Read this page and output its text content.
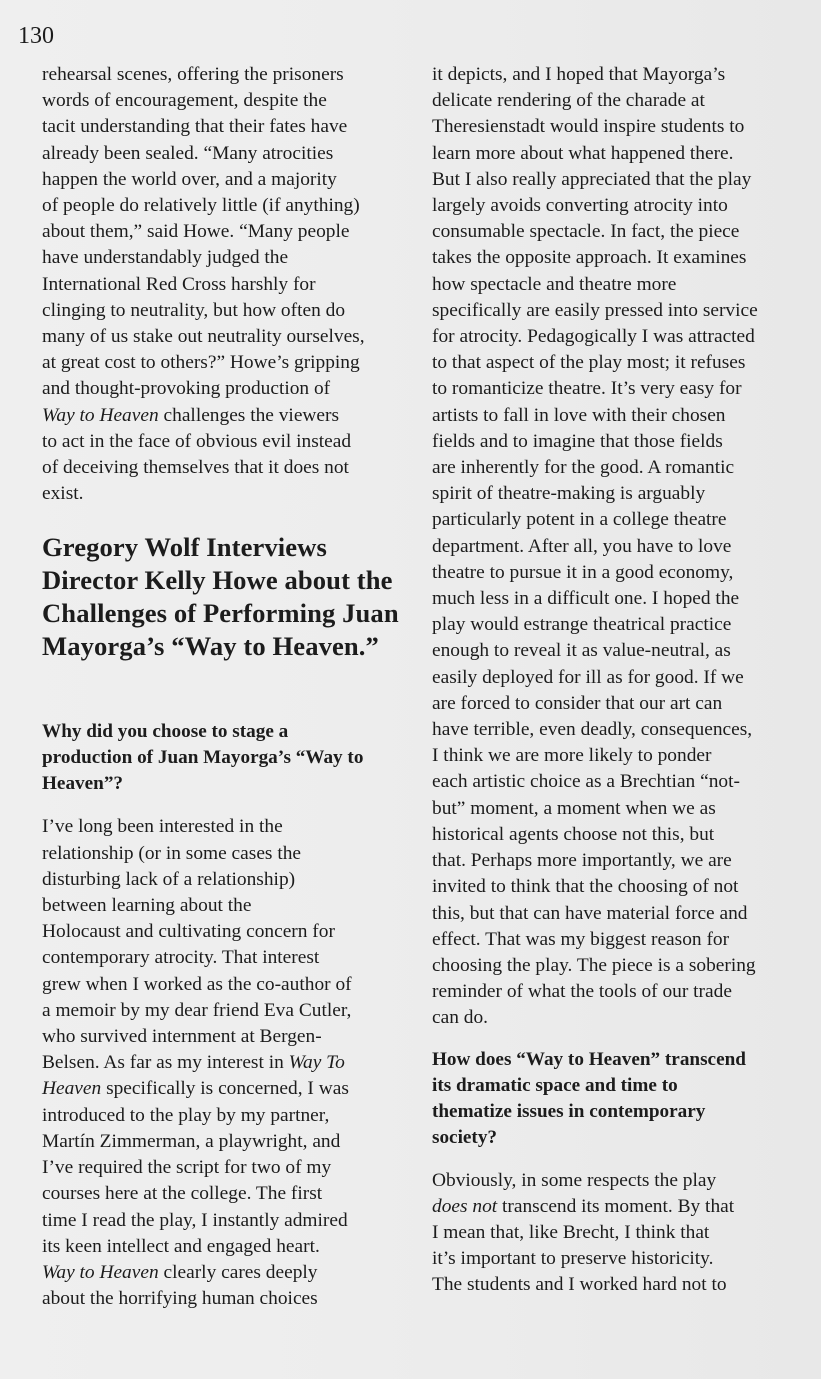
130

rehearsal scenes, offering the prisoners
words of encouragement, despite the
tacit understanding that their fates have
already been sealed. “Many atrocities
happen the world over, and a majority
of people do relatively little (if anything)
about them,” said Howe. “Many people
have understandably judged the
International Red Cross harshly for
clinging to neutrality, but how often do
many of us stake out neutrality ourselves,
at great cost to others?” Howe’s gripping
and thought-provoking production of
Way to Heaven challenges the viewers
to act in the face of obvious evil instead
of deceiving themselves that it does not
exist.

Gregory Wolf Interviews
Director Kelly Howe about the
Challenges of Performing Juan
Mayorga’s “Way to Heaven.”

Why did you choose to stage a
production of Juan Mayorga’s “Way to
Heaven”?

I’ve long been interested in the
relationship (or in some cases the
disturbing lack of a relationship)
between learning about the
Holocaust and cultivating concern for
contemporary atrocity. That interest
grew when I worked as the co-author of
a memoir by my dear friend Eva Cutler,
who survived internment at Bergen-
Belsen. As far as my interest in Way To
Heaven specifically is concerned, I was
introduced to the play by my partner,
Martín Zimmerman, a playwright, and
I’ve required the script for two of my
courses here at the college. The first
time I read the play, I instantly admired
its keen intellect and engaged heart.
Way to Heaven clearly cares deeply
about the horrifying human choices

it depicts, and I hoped that Mayorga’s
delicate rendering of the charade at
Theresienstadt would inspire students to
learn more about what happened there.
But I also really appreciated that the play
largely avoids converting atrocity into
consumable spectacle. In fact, the piece
takes the opposite approach. It examines
how spectacle and theatre more
specifically are easily pressed into service
for atrocity. Pedagogically I was attracted
to that aspect of the play most; it refuses
to romanticize theatre. It’s very easy for
artists to fall in love with their chosen
fields and to imagine that those fields
are inherently for the good. A romantic
spirit of theatre-making is arguably
particularly potent in a college theatre
department. After all, you have to love
theatre to pursue it in a good economy,
much less in a difficult one. I hoped the
play would estrange theatrical practice
enough to reveal it as value-neutral, as
easily deployed for ill as for good. If we
are forced to consider that our art can
have terrible, even deadly, consequences,
I think we are more likely to ponder
each artistic choice as a Brechtian “not-
but” moment, a moment when we as
historical agents choose not this, but
that. Perhaps more importantly, we are
invited to think that the choosing of not
this, but that can have material force and
effect. That was my biggest reason for
choosing the play. The piece is a sobering
reminder of what the tools of our trade
can do.

How does “Way to Heaven” transcend
its dramatic space and time to
thematize issues in contemporary
society?

Obviously, in some respects the play
does not transcend its moment. By that
I mean that, like Brecht, I think that
it’s important to preserve historicity.
The students and I worked hard not to
